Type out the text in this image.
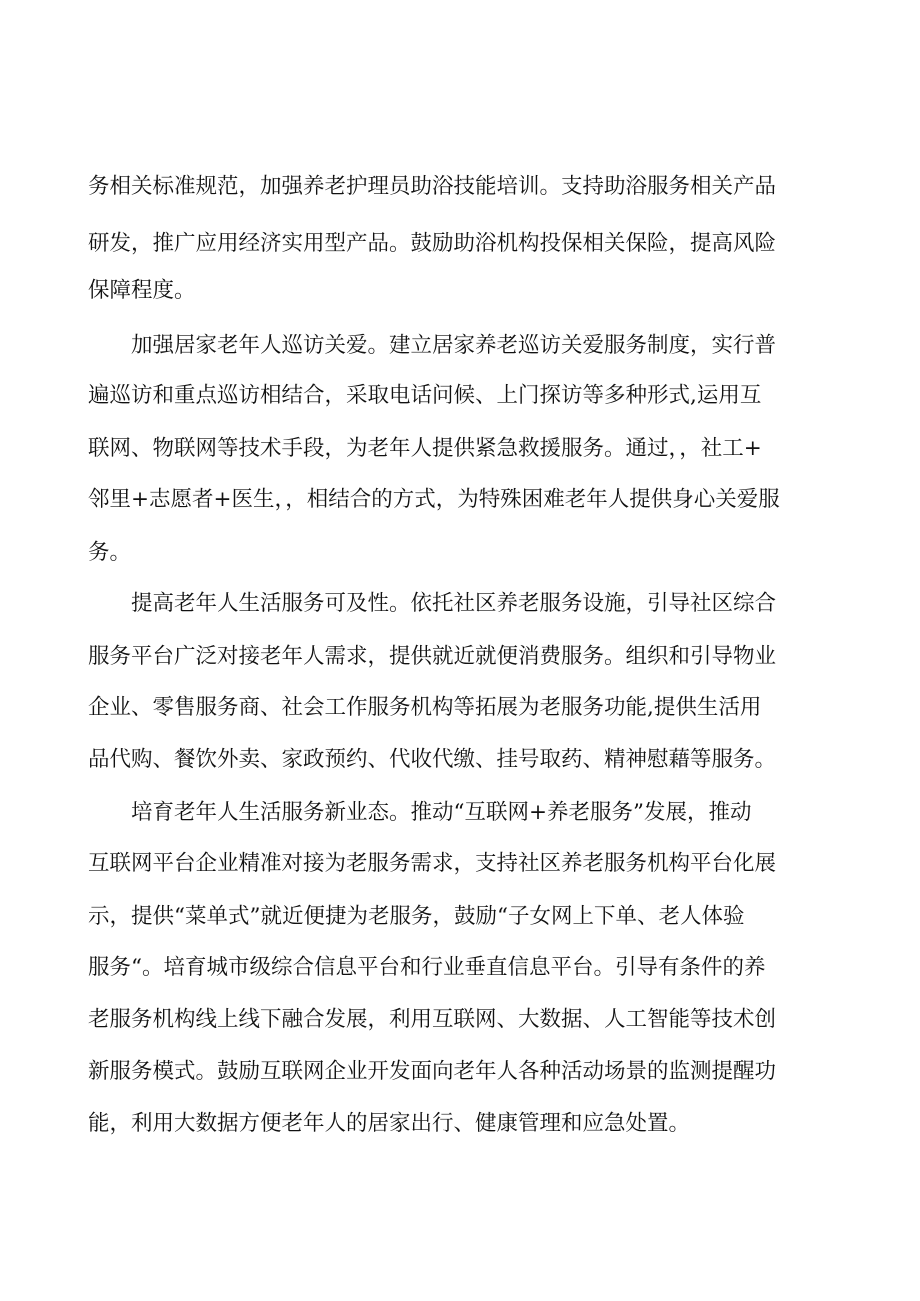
务相关标准规范，加强养老护理员助浴技能培训。支持助浴服务相关产品
研发，推广应用经济实用型产品。鼓励助浴机构投保相关保险，提高风险
保障程度。
加强居家老年人巡访关爱。建立居家养老巡访关爱服务制度，实行普
遍巡访和重点巡访相结合，采取电话问候、上门探访等多种形式,运用互
联网、物联网等技术手段，为老年人提供紧急救援服务。通过，，社工+
邻里+志愿者+医生，，相结合的方式，为特殊困难老年人提供身心关爱服
务。
提高老年人生活服务可及性。依托社区养老服务设施，引导社区综合
服务平台广泛对接老年人需求，提供就近就便消费服务。组织和引导物业
企业、零售服务商、社会工作服务机构等拓展为老服务功能,提供生活用
品代购、餐饮外卖、家政预约、代收代缴、挂号取药、精神慰藉等服务。
培育老年人生活服务新业态。推动“互联网+养老服务”发展，推动
互联网平台企业精准对接为老服务需求，支持社区养老服务机构平台化展
示，提供“菜单式”就近便捷为老服务，鼓励“子女网上下单、老人体验
服务“。培育城市级综合信息平台和行业垂直信息平台。引导有条件的养
老服务机构线上线下融合发展，利用互联网、大数据、人工智能等技术创
新服务模式。鼓励互联网企业开发面向老年人各种活动场景的监测提醒功
能，利用大数据方便老年人的居家出行、健康管理和应急处置。
